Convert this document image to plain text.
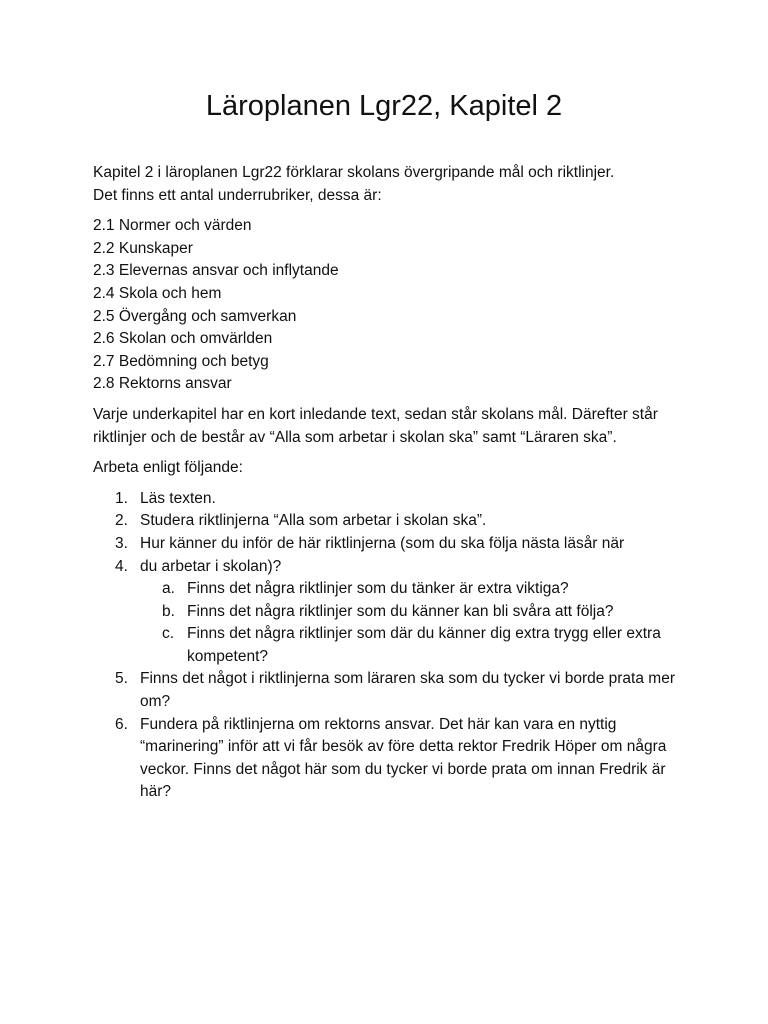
Läroplanen Lgr22, Kapitel 2

Kapitel 2 i läroplanen Lgr22 förklarar skolans övergripande mål och riktlinjer.
Det finns ett antal underrubriker, dessa är:

2.1 Normer och värden
2.2 Kunskaper
2.3 Elevernas ansvar och inflytande
2.4 Skola och hem
2.5 Övergång och samverkan
2.6 Skolan och omvärlden
2.7 Bedömning och betyg
2.8 Rektorns ansvar

Varje underkapitel har en kort inledande text, sedan står skolans mål. Därefter står riktlinjer och de består av “Alla som arbetar i skolan ska” samt “Läraren ska”.

Arbeta enligt följande:

1. Läs texten.
2. Studera riktlinjerna “Alla som arbetar i skolan ska”.
3. Hur känner du inför de här riktlinjerna (som du ska följa nästa läsår när
4. du arbetar i skolan)?
a. Finns det några riktlinjer som du tänker är extra viktiga?
b. Finns det några riktlinjer som du känner kan bli svåra att följa?
c. Finns det några riktlinjer som där du känner dig extra trygg eller extra kompetent?
5. Finns det något i riktlinjerna som läraren ska som du tycker vi borde prata mer om?
6. Fundera på riktlinjerna om rektorns ansvar. Det här kan vara en nyttig “marinering” inför att vi får besök av före detta rektor Fredrik Höper om några veckor. Finns det något här som du tycker vi borde prata om innan Fredrik är här?
